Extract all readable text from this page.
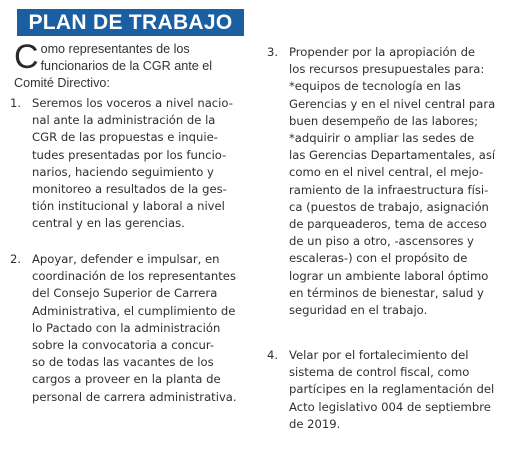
PLAN DE TRABAJO
Como representantes de los funcionarios de la CGR ante el Comité Directivo:
1. Seremos los voceros a nivel nacio-
nal ante la administración de la
CGR de las propuestas e inquie-
tudes presentadas por los funcio-
narios, haciendo seguimiento y
monitoreo a resultados de la ges-
tión institucional y laboral a nivel
central y en las gerencias.
2. Apoyar, defender e impulsar, en
coordinación de los representantes
del Consejo Superior de Carrera
Administrativa, el cumplimiento de
lo Pactado con la administración
sobre la convocatoria a concur-
so de todas las vacantes de los
cargos a proveer en la planta de
personal de carrera administrativa.
3. Propender por la apropiación de
los recursos presupuestales para:
*equipos de tecnología en las
Gerencias y en el nivel central para
buen desempeño de las labores;
*adquirir o ampliar las sedes de
las Gerencias Departamentales, así
como en el nivel central, el mejo-
ramiento de la infraestructura físi-
ca (puestos de trabajo, asignación
de parqueaderos, tema de acceso
de un piso a otro, -ascensores y
escaleras-) con el propósito de
lograr un ambiente laboral óptimo
en términos de bienestar, salud y
seguridad en el trabajo.
4. Velar por el fortalecimiento del
sistema de control fiscal, como
partícipes en la reglamentación del
Acto legislativo 004 de septiembre
de 2019.
